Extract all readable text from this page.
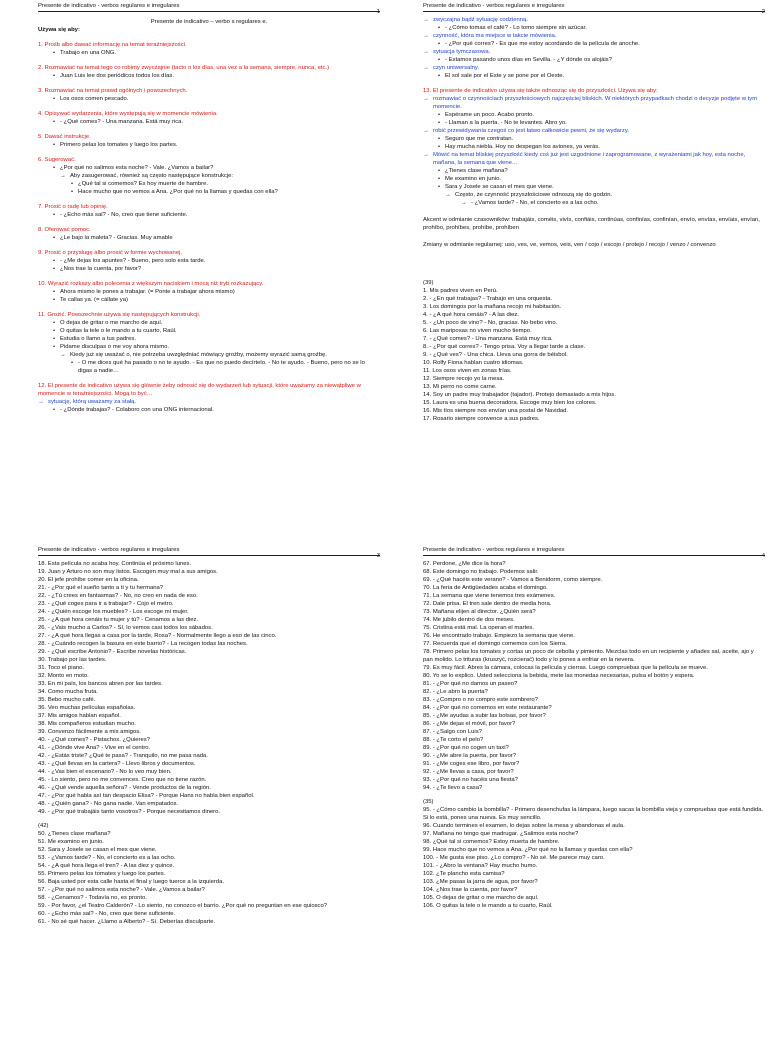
Presente de indicativo - verbos regulares e irregulares
1
Presente de indicativo – verbo s regulares e.
Używa się aby:
1. Prośb albo dawać informację na temat teraźniejszości.
• Trabajo en una ONG.
2. Rozmawiać na temat tego co robimy zwyczajnie (tacto o los días, una vez a la semana, siempre, nunca, etc.)
• Juan Luis lee dos periódicos todos los días.
3. Rozmawiać na temat prawd ogólnych i powszechnych.
• Los osos comen pescado.
4. Opisywać wydarzenia, które występują się w momencie mówienia.
• - ¿Qué comes? - Una manzana. Está muy rica.
5. Dawać instrukcje.
• Primero pelas los tomates y luego los partes.
6. Sugerować.
• ¿Por qué no salimos esta noche? - Vale. ¿Vamos a bailar?
→ Aby zasugerować, również są często następujące konstrukcje:
• ¿Qué tal si comemos? Es hoy muerte de hambre.
• Hace mucho que no vemos a Ana. ¿Por qué no la llamas y quedas con ella?
7. Prosić o radę lub opinię.
• - ¿Echo más sal? - No, creo que tiene suficiente.
8. Oferować pomoc.
• ¿Le bajo la maleta? - Gracias. Muy amable
9. Prosić o przysługę albo prosić w formie wychowanej.
• - ¿Me dejas los apuntes? - Bueno, pero solo esta tarde.
• ¿Nos trae la cuenta, por favor?
10. Wyrazić rozkazy albo polecenia z większym naciskiem i mocą niż tryb rozkazujący.
• Ahora mismo le pones a trabajar. (= Ponte a trabajar ahora mismo)
• Te callas ya. (= cállate ya)
11. Grożić. Powszechnie używa się następujących konstrukcji.
• O dejas de gritar o me marcho de aquí.
• O quitas la tele o le mando a tu cuarto, Raúl.
• Estudia o llamo a tus padres.
• Pidame disculpas o me voy ahora mismo.
→ Kiedy już się uważać o, nie potrzeba uwzględniać mówiący groźby, możemy wyrazić samą groźbę.
• - O me dices qué ha pasado o no te ayudo. - Es que no puedo decírtelo. - No te ayudo. - Bueno, pero no se lo digas a nadie…
12. El presente de indicativo używa się głównie żeby odnosić się do wydarzeń lub sytuacji, które uważamy za niewątpliwe w momencie w teraźniejszości. Mogą to być…
→ sytuację, którą uważamy za stałą.
• - ¿Dónde trabajas? - Colaboro con una ONG internacional.
Presente de indicativo - verbos regulares e irregulares
2
→ zwyczajna bądź sytuację codzienną.
• - ¿Cómo tomas el café? - Lo tomo siempre sin azúcar.
→ czynność, która ma miejsce w takcie mówienia.
• - ¿Por qué corres? - Es que me estoy acordando de la película de anoche.
→ sytuacja tymczasowa.
• - Estamos pasando unos días en Sevilla. - ¿Y dónde os alojáis?
→ czyn uniwersalny.
• El sol sale por el Este y se pone por el Oeste.
13. El presente de indicativo używa się także odnosząc się do przyszłości. Używa się aby:
→ rozmawiać o czynnościach przyszłościowych najczęściej bliskich. W niektórych przypadkach chodzi o decyzje podjęte w tym momencie.
• Espérame un poco. Acabo pronto.
• - Llaman a la puerta. - No te levantes. Abro yo.
→ robić przewidywania czegoś co jest łatwo całkowicie pewni, że się wydarzy.
• Seguro que me contratan.
• Hay mucha niebla. Hoy no despegan los aviones, ya verás.
→ Mówić na temat bliskiej przyszłość kiedy coś już jest uzgodnione i zaprogramowane, z wyrażeniami jak hoy, esta noche, mañana, la semana que viene…
• ¿Tienes clase mañana?
• Me examino en junio.
• Sara y Josele se casan el mes que viene.
→ Często, że czynność przyszłościowe odnoszą się do godzin.
→ - ¿Vamos tarde? - No, el concierto es a las ocho.
Akcent w odmianie czasowników: trabajáis, coméis, vivís, confiáis, continúas, confinías, confinían, envío, envías, envíais, envían, prohíbo, prohíbes, prohíbe, prohíben
Zmiany w odmianie regularnej: uso, ves, ve, vemos, veis, ven / cojo / escojo / protejo / recojo / venzo / convenzo
(39)
1. Mis padres viven en Perú.
2. - ¿En qué trabajas? - Trabajo en una orquesta.
3. Los domingos por la mañana recojo mi habitación.
4. - ¿A qué hora cenáis? - A las diez.
5. - ¿Un poco de vino? - No, gracias. No bebo vino.
6. Las mariposas no viven mucho tiempo.
7. - ¿Qué comes? - Una manzana. Está muy rica.
8. - ¿Por qué corres? - Tengo prisa. Voy a llegar tarde a clase.
9. - ¿Qué ves? - Una chica. Lleva una gorra de béisbol.
10. Rolfy Fiona hablan cuatro idiomas.
11. Los osos viven en zonas frías.
12. Siempre recojo yo la mesa.
13. Mi perro no come carne.
14. Soy un padre muy trabajador (tajador). Protejo demasiado a mis hijos.
15. Laura es una buena decoradora. Escoge muy bien los colores.
16. Mis tíos siempre nos envían una postal de Navidad.
17. Rosario siempre convence a sus padres.
Presente de indicativo - verbos regulares e irregulares
3
18. Esta película no acaba hoy. Continúa el próximo lunes.
19. Juan y Arturo no son muy listos. Escogen muy mal a sus amigos.
20. El jefe prohíbe comer en la oficina.
21. - ¿Por qué el sueño tanto a ti y tu hermana?
22. - ¿Tú crees en fantasmas? - No, no creo en nada de eso.
23. - ¿Qué coges para ir a trabajar? - Cojo el metro.
24. - ¿Quién escoge los muebles? - Los escoge mi mujer.
25. - ¿A qué hora cenáis tu mujer y tú? - Cenamos a las diez.
26. - ¿Vais mucho a Carlos? - Sí, lo vemos casi todos los sábados.
27. - ¿A qué hora llegas a casa por la tarde, Rosa? - Normalmente llego a eso de las cinco.
28. - ¿Cuándo recogen la basura en este barrio? - La recogen todas las noches.
29. - ¿Qué escribe Antonio? - Escribe novelas históricas.
30. Trabajo por las tardes.
31. Toco el piano.
32. Monto en moto.
33. En mi país, los bancos abren por las tardes.
34. Como mucha fruta.
35. Bebo mucho café.
36. Veo muchas películas españolas.
37. Mis amigos hablan español.
38. Mis compañeros estudian mucho.
39. Convenzo fácilmente a mis amigos.
40. - ¿Qué comes? - Pistachos. ¿Quieres?
41. - ¿Dónde vive Ana? - Vive en el centro.
42. - ¿Estás triste? ¿Qué te pasa? - Tranquilo, no me pasa nada.
43. - ¿Qué llevas en la cartera? - Llevo libros y documentos.
44. - ¿Vas bien el escenario? - No lo veo muy bien.
45. - Lo siento, pero no me convences. Creo que no tiene razón.
46. - ¿Qué vende aquella señora? - Vende productos de la región.
47. - ¿Por qué habla así tan despacio Elisa? - Porque Hans no habla bien español.
48. - ¿Quién gana? - No gana nadie. Van empatados.
49. - ¿Por qué trabajáis tanto vosotros? - Porque necesitamos dinero.
(42)
50. ¿Tienes clase mañana?
51. Me examino en junio.
52. Sara y Josele se casan el mes que viene.
53. - ¿Vamos tarde? - No, el concierto es a las ocho.
54. - ¿A qué hora llega el tren? - A las diez y quince.
55. Primero pelas los tomates y luego los partes.
56. Baja usted por esta calle hasta el final y luego tuerce a la izquierda.
57. - ¿Por qué no salimos esta noche? - Vale. ¿Vamos a bailar?
58. - ¿Cenamos? - Todavía no, es pronto.
59. - Por favor, ¿el Teatro Calderón? - Lo siento, no conozco el barrio. ¿Por qué no preguntan en ese quiosco?
60. - ¿Echo más sal? - No, creo que tiene suficiente.
61. - No sé qué hacer. ¿Llamo a Alberto? - Sí. Deberías disculparte.
Presente de indicativo - verbos regulares e irregulares
4
67. Perdone, ¿Me dice la hora?
68. Este domingo no trabajo. Podemos salir.
69. - ¿Qué hacéis este verano? - Vamos a Benidorm, como siempre.
70. La feria de Antigüedades acaba el domingo.
71. La semana que viene tenemos tres exámenes.
72. Dale prisa. El tren sale dentro de media hora.
73. Mañana elijen al director. ¿Quién será?
74. Me jubilo dentro de dos meses.
75. Cristina está mal. La operan el martes.
76. He encontrado trabajo. Empiezo la semana que viene.
77. Recuerda que el domingo comemos con los Sierra.
78. Primero pelas los tomates y cortas un poco de cebolla y pimiento. Mezclas todo en un recipiente y añades sal, aceite, ajo y pan molido. Lo trituras (kruszyć, rozcierać) todo y lo pones a enfriar en la nevera.
79. Es muy fácil. Abres la cámara, colocas la película y cierras. Luego compruebas que la película se mueve.
80. Yo se lo explico. Usted selecciona la bebida, mete las monedas necesarias, pulsa el botón y espera.
81. - ¿Por qué no damos un paseo?
82. - ¿Le abro la puerta?
83. - ¿Compro o no compro este sombrero?
84. - ¿Por qué no comemos en este restaurante?
85. - ¿Me ayudas a subir las bolsas, por favor?
86. - ¿Me dejas el móvil, por favor?
87. - ¿Salgo con Luis?
88. - ¿Te corto el pelo?
89. - ¿Por qué no cogen un taxi?
90. - ¿Me abre la puerta, por favor?
91. - ¿Me coges ese libro, por favor?
92. - ¿Me llevas a casa, por favor?
93. - ¿Por qué no hacéis una fiesta?
94. - ¿Te llevo a casa?
(35)
95. - ¿Cómo cambio la bombilla? - Primero desenchufas la lámpara, luego sacas la bombilla vieja y compruebas que está fundida. Si lo está, pones una nueva. Es muy sencillo.
96. Cuando termines el examen, lo dejas sobre la mesa y abandonas el aula.
97. Mañana no tengo que madrugar. ¿Salimos esta noche?
98. ¿Qué tal si comemos? Estoy muerta de hambre.
99. Hace mucho que no vemos a Ana. ¿Por qué no la llamas y quedas con ella?
100. - Me gusta ese piso. ¿Lo compro? - No sé. Me parece muy caro.
101. - ¿Abro la ventana? Hay mucho humo.
102. ¿Te plancho esta camisa?
103. ¿Me pasas la jarra de agua, por favor?
104. ¿Nos trae la cuenta, por favor?
105. O dejas de gritar o me marcho de aquí.
106. O quitas la tele o le mando a tu cuarto, Raúl.
